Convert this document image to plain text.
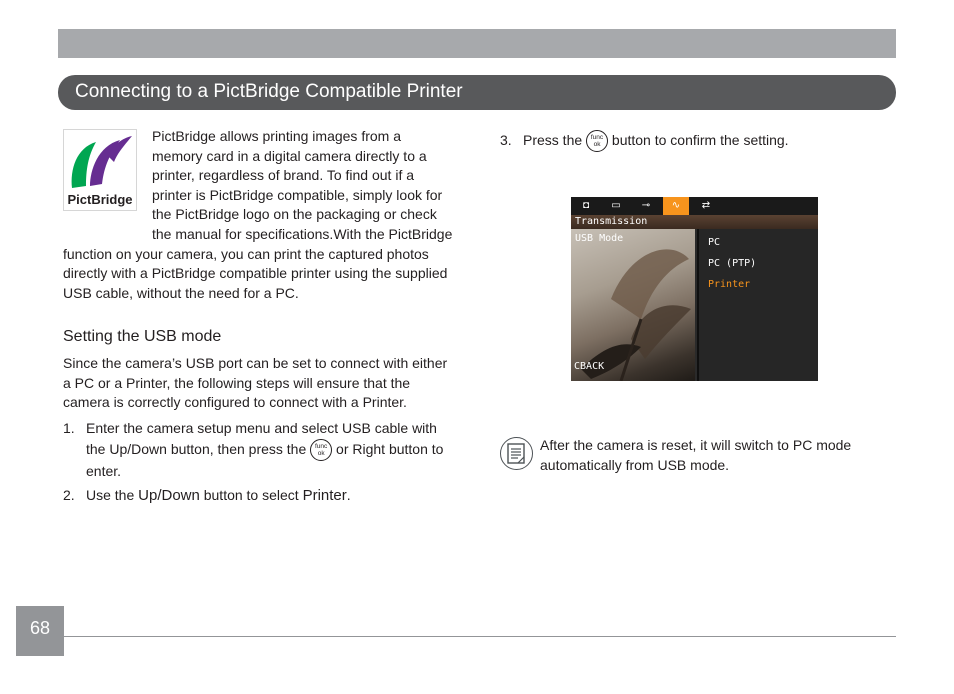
Connecting to a PictBridge Compatible Printer
PictBridge
PictBridge allows printing images from a memory card in a digital camera directly to a printer, regardless of brand. To find out if a printer is PictBridge compatible, simply look for the PictBridge logo on the packaging or check the manual for specifications.With the PictBridge function on your camera, you can print the captured photos directly with a PictBridge compatible printer using the supplied USB cable, without the need for a PC.
Setting the USB mode
Since the camera’s USB port can be set to connect with either a PC or a Printer, the following steps will ensure that the camera is correctly configured to connect with a Printer.
1. Enter the camera setup menu and select USB cable with
the Up/Down button, then press the func
ok or Right button to
enter.
2. Use the Up/Down button to select Printer.
3. Press the func
ok button to confirm the setting.
◘	▭	⊸	∿	⇄
Transmission
USB Mode
CBACK
PC
PC (PTP)
Printer
After the camera is reset, it will switch to PC mode automatically from USB mode.
68
